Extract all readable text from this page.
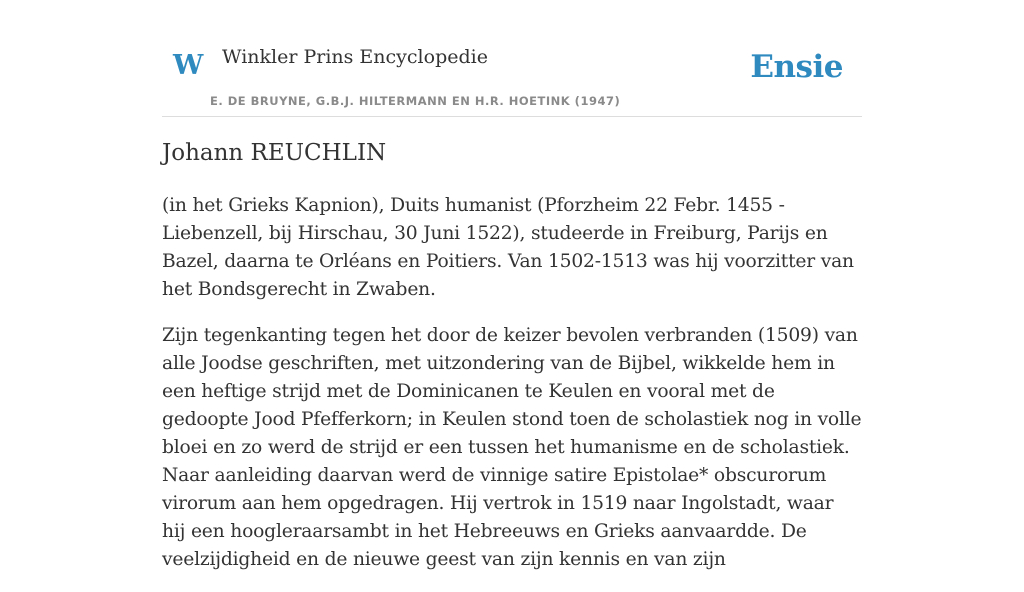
W Winkler Prins Encyclopedie
E. DE BRUYNE, G.B.J. HILTERMANN EN H.R. HOETINK (1947)
Ensie
Johann REUCHLIN

(in het Grieks Kapnion), Duits humanist (Pforzheim 22 Febr. 1455 - Liebenzell, bij Hirschau, 30 Juni 1522), studeerde in Freiburg, Parijs en Bazel, daarna te Orléans en Poitiers. Van 1502-1513 was hij voorzitter van het Bondsgerecht in Zwaben.

Zijn tegenkanting tegen het door de keizer bevolen verbranden (1509) van alle Joodse geschriften, met uitzondering van de Bijbel, wikkelde hem in een heftige strijd met de Dominicanen te Keulen en vooral met de gedoopte Jood Pfefferkorn; in Keulen stond toen de scholastiek nog in volle bloei en zo werd de strijd er een tussen het humanisme en de scholastiek. Naar aanleiding daarvan werd de vinnige satire Epistolae* obscurorum virorum aan hem opgedragen. Hij vertrok in 1519 naar Ingolstadt, waar hij een hoogleraarsambt in het Hebreeuws en Grieks aanvaardde. De veelzijdigheid en de nieuwe geest van zijn kennis en van zijn
